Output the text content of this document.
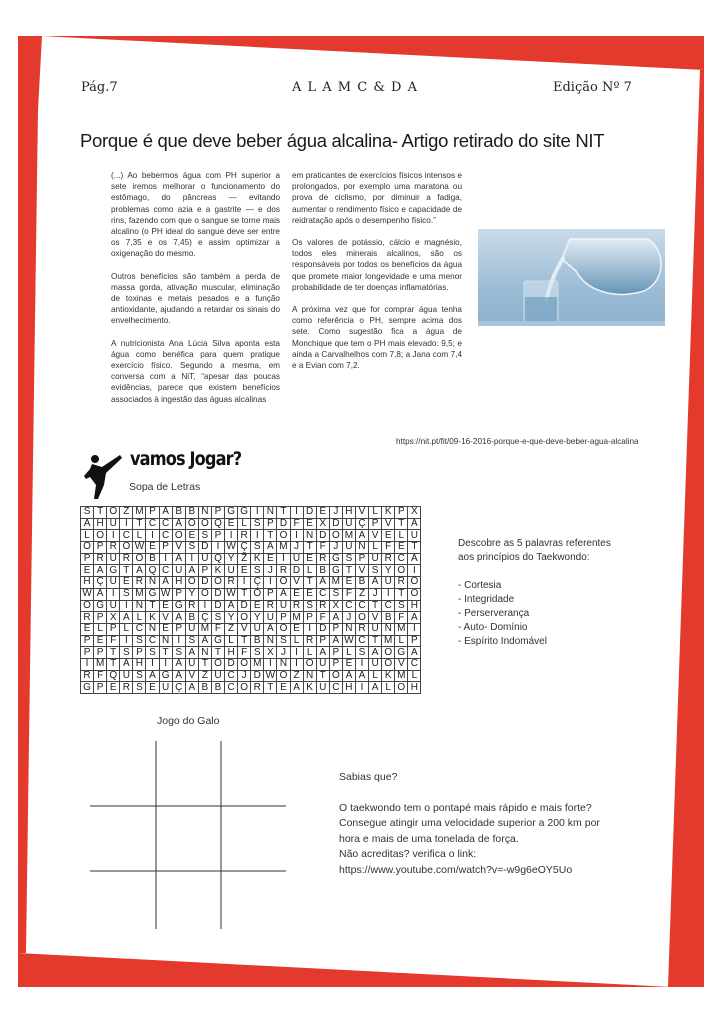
Pág.7	A L A M C & D A	Edição Nº 7
Porque é que deve beber água alcalina- Artigo retirado do site NIT

(...) Ao bebermos água com PH superior a sete iremos melhorar o funcionamento do estômago, do pâncreas — evitando problemas como azia e a gastrite — e dos rins, fazendo com que o sangue se torne mais alcalino (o PH ideal do sangue deve ser entre os 7,35 e os 7,45) e assim optimizar a oxigenação do mesmo.

Outros benefícios são também a perda de massa gorda, ativação muscular, eliminação de toxinas e metais pesados e a função antioxidante, ajudando a retardar os sinais do envelhecimento.

A nutricionista Ana Lúcia Silva aponta esta água como benéfica para quem pratique exercício físico. Segundo a mesma, em conversa com a NiT, “apesar das poucas evidências, parece que existem benefícios associados à ingestão das águas alcalinas

em praticantes de exercícios físicos intensos e prolongados, por exemplo uma maratona ou prova de ciclismo, por diminuir a fadiga, aumentar o rendimento físico e capacidade de reidratação após o desempenho físico.”

Os valores de potássio, cálcio e magnésio, todos eles minerais alcalinos, são os responsáveis por todos os benefícios da água que promete maior longevidade e uma menor probabilidade de ter doenças inflamatórias.

A próxima vez que for comprar água tenha como referência o PH, sempre acima dos sete. Como sugestão fica a água de Monchique que tem o PH mais elevado: 9,5; e ainda a Carvalhelhos com 7,8; a Jana com 7,4 e a Evian com 7,2.

https://nit.pt/fit/09-16-2016-porque-e-que-deve-beber-agua-alcalina
vamos Jogar?
Sopa de Letras
S	T	O	Z	M	P	A	B	B	N	P	G	G	I	N	T	I	D	E	J	H	V	L	K	P	X
A	H	U	I	T	C	C	A	O	O	Q	E	L	S	P	D	F	E	X	D	U	Ç	P	V	T	A
L	O	I	C	L	I	C	O	E	S	P	I	R	I	T	O	I	N	D	O	M	Á	V	E	L	U
O	P	R	O	W	E	P	V	S	D	I	W	Ç	S	A	M	J	T	F	J	U	N	L	F	E	T
P	R	U	R	O	B	I	A	I	U	Q	Y	Ž	K	E	I	U	E	R	G	S	P	U	R	C	A
E	A	G	T	A	Q	C	U	A	P	K	U	E	S	J	R	D	L	B	G	T	V	S	Y	O	I
H	Ç	U	E	R	N	A	H	O	D	O	R	I	Ç	I	O	V	T	A	M	E	B	A	U	R	O
W	A	I	S	M	G	W	P	Y	O	D	W	T	Ó	P	A	E	E	C	S	F	Z	J	I	T	O
O	G	U	I	N	T	E	G	R	I	D	A	D	E	R	U	R	S	R	X	C	C	T	C	S	H
R	P	X	A	L	K	V	A	B	Ç	S	Y	O	Y	U	P	M	P	F	A	J	O	V	B	F	A
E	L	P	L	C	N	E	P	U	M	F	Z	V	U	A	O	E	I	D	P	N	R	U	N	M	I
P	E	F	I	S	C	N	I	S	A	G	L	T	B	N	S	L	R	P	A	W	C	T	M	L	P
P	P	T	S	P	S	T	S	A	N	T	H	F	S	X	J	I	L	A	P	L	S	A	O	G	A
I	M	T	A	H	I	I	A	U	T	O	D	O	M	I	N	I	O	U	P	E	I	U	O	V	C
R	F	Q	U	S	A	G	A	V	Z	U	C	J	D	W	O	Z	N	T	O	A	A	L	K	M	L
G	P	E	R	S	E	U	Ç	A	B	B	C	O	R	T	E	A	K	U	C	H	I	A	L	O	H
Descobre as 5 palavras referentes aos princípios do Taekwondo:
- Cortesia
- Integridade
- Perserverança
- Auto- Domínio
- Espírito Indomável
Jogo do Galo
Sabias que?
O taekwondo tem o pontapé mais rápido e mais forte?
Consegue atingir uma velocidade superior a 200 km por
hora e mais de uma tonelada de força.
Não acreditas? verifica o link:
https://www.youtube.com/watch?v=-w9g6eOY5Uo
